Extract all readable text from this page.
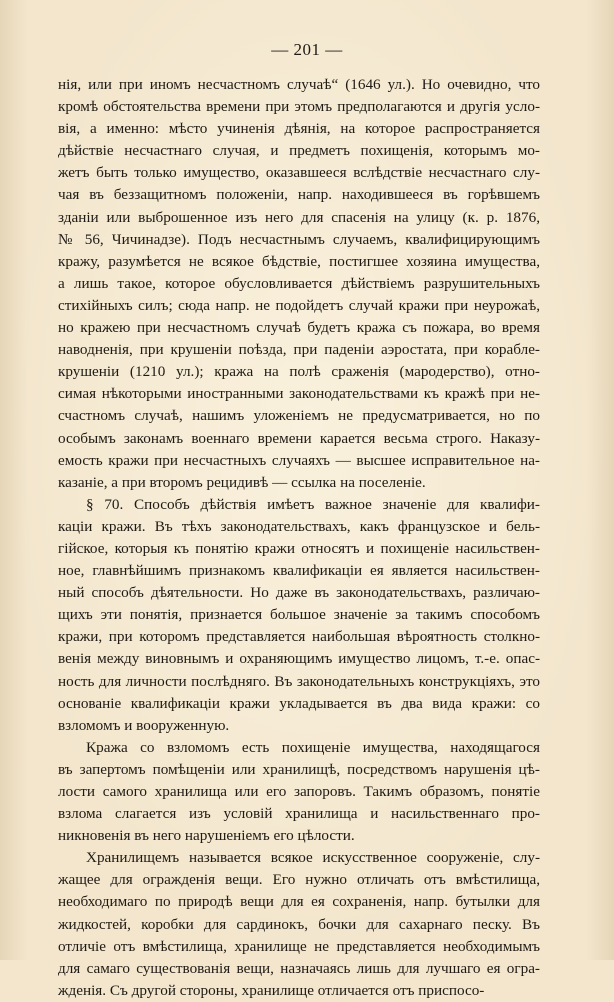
— 201 —
нія, или при иномъ несчастномъ случаѣ“ (1646 ул.). Но очевидно, что
кромѣ обстоятельства времени при этомъ предполагаются и другія усло-
вія, а именно: мѣсто учиненія дѣянія, на которое распространяется
дѣйствіе несчастнаго случая, и предметъ похищенія, которымъ мо-
жетъ быть только имущество, оказавшееся вслѣдствіе несчастнаго слу-
чая въ беззащитномъ положеніи, напр. находившееся въ горѣвшемъ
зданіи или выброшенное изъ него для спасенія на улицу (к. р. 1876,
№ 56, Чичинадзе). Подъ несчастнымъ случаемъ, квалифицирующимъ
кражу, разумѣется не всякое бѣдствіе, постигшее хозяина имущества,
а лишь такое, которое обусловливается дѣйствіемъ разрушительныхъ
стихійныхъ силъ; сюда напр. не подойдетъ случай кражи при неурожаѣ,
но кражею при несчастномъ случаѣ будетъ кража съ пожара, во время
наводненія, при крушеніи поѣзда, при паденіи аэростата, при корабле-
крушеніи (1210 ул.); кража на полѣ сраженія (мародерство), отно-
симая нѣкоторыми иностранными законодательствами къ кражѣ при не-
счастномъ случаѣ, нашимъ уложеніемъ не предусматривается, но по
особымъ законамъ военнаго времени карается весьма строго. Наказу-
емость кражи при несчастныхъ случаяхъ — высшее исправительное на-
казаніе, а при второмъ рецидивѣ — ссылка на поселеніе.
§ 70. Способъ дѣйствія имѣетъ важное значеніе для квалифи-
каціи кражи. Въ тѣхъ законодательствахъ, какъ французское и бель-
гійское, которыя къ понятію кражи относятъ и похищеніе насильствен-
ное, главнѣйшимъ признакомъ квалификаціи ея является насильствен-
ный способъ дѣятельности. Но даже въ законодательствахъ, различаю-
щихъ эти понятія, признается большое значеніе за такимъ способомъ
кражи, при которомъ представляется наибольшая вѣроятность столкно-
венія между виновнымъ и охраняющимъ имущество лицомъ, т.-е. опас-
ность для личности послѣдняго. Въ законодательныхъ конструкціяхъ, это
основаніе квалификаціи кражи укладывается въ два вида кражи: со
взломомъ и вооруженную.
Кража со взломомъ есть похищеніе имущества, находящагося
въ запертомъ помѣщеніи или хранилищѣ, посредствомъ нарушенія цѣ-
лости самого хранилища или его запоровъ. Такимъ образомъ, понятіе
взлома слагается изъ условій хранилища и насильственнаго про-
никновенія въ него нарушеніемъ его цѣлости.
Хранилищемъ называется всякое искусственное сооруженіе, слу-
жащее для огражденія вещи. Его нужно отличать отъ вмѣстилища,
необходимаго по природѣ вещи для ея сохраненія, напр. бутылки для
жидкостей, коробки для сардинокъ, бочки для сахарнаго песку. Въ
отличіе отъ вмѣстилища, хранилище не представляется необходимымъ
для самаго существованія вещи, назначаясь лишь для лучшаго ея огра-
жденія. Съ другой стороны, хранилище отличается отъ приспосо-
